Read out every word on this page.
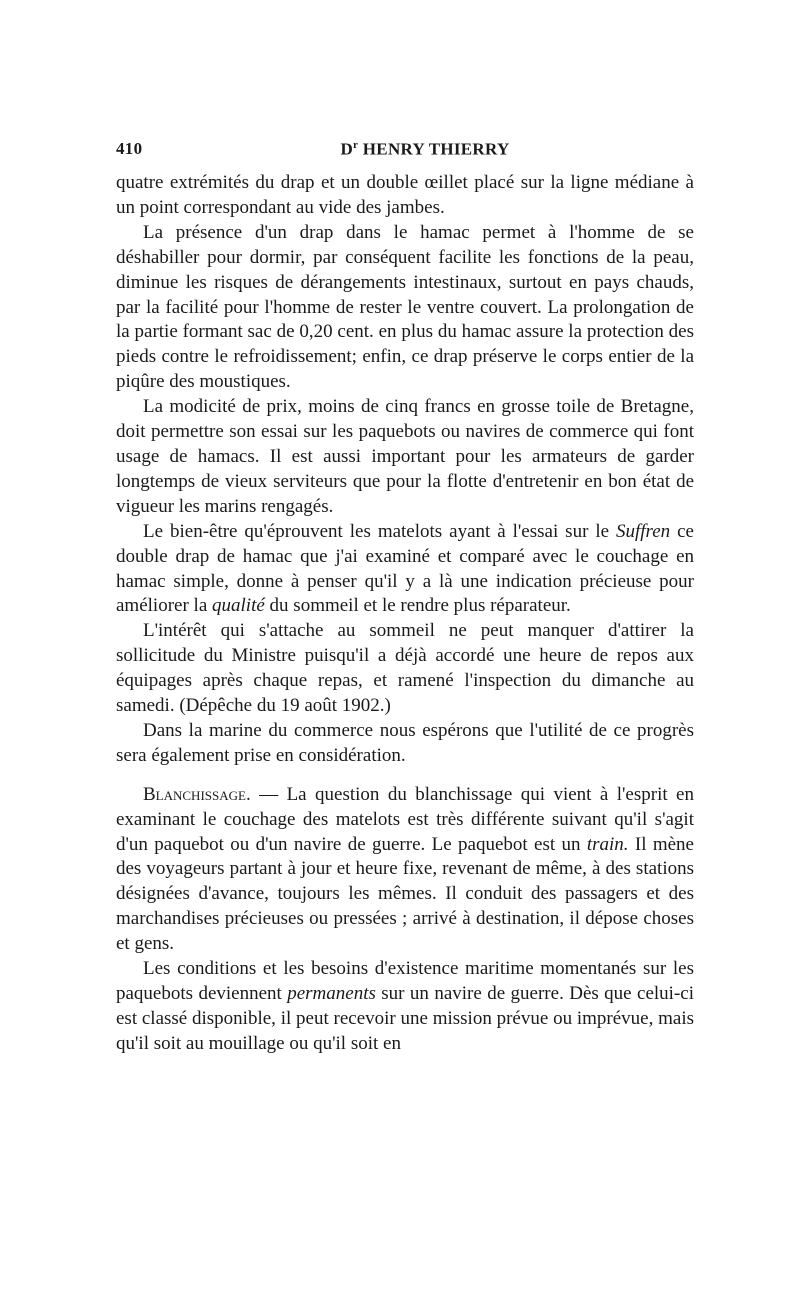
410	$D^r$ HENRY THIERRY

quatre extrémités du drap et un double œillet placé sur la ligne médiane à un point correspondant au vide des jambes.

La présence d'un drap dans le hamac permet à l'homme de se déshabiller pour dormir, par conséquent facilite les fonctions de la peau, diminue les risques de dérangements intestinaux, surtout en pays chauds, par la facilité pour l'homme de rester le ventre couvert. La prolongation de la partie formant sac de 0,20 cent. en plus du hamac assure la protection des pieds contre le refroidissement; enfin, ce drap préserve le corps entier de la piqûre des moustiques.

La modicité de prix, moins de cinq francs en grosse toile de Bretagne, doit permettre son essai sur les paquebots ou navires de commerce qui font usage de hamacs. Il est aussi important pour les armateurs de garder longtemps de vieux serviteurs que pour la flotte d'entretenir en bon état de vigueur les marins rengagés.

Le bien-être qu'éprouvent les matelots ayant à l'essai sur le Suffren ce double drap de hamac que j'ai examiné et comparé avec le couchage en hamac simple, donne à penser qu'il y a là une indication précieuse pour améliorer la qualité du sommeil et le rendre plus réparateur.

L'intérêt qui s'attache au sommeil ne peut manquer d'attirer la sollicitude du Ministre puisqu'il a déjà accordé une heure de repos aux équipages après chaque repas, et ramené l'inspection du dimanche au samedi. (Dépêche du 19 août 1902.)

Dans la marine du commerce nous espérons que l'utilité de ce progrès sera également prise en considération.

Blanchissage. — La question du blanchissage qui vient à l'esprit en examinant le couchage des matelots est très différente suivant qu'il s'agit d'un paquebot ou d'un navire de guerre. Le paquebot est un train. Il mène des voyageurs partant à jour et heure fixe, revenant de même, à des stations désignées d'avance, toujours les mêmes. Il conduit des passagers et des marchandises précieuses ou pressées ; arrivé à destination, il dépose choses et gens.

Les conditions et les besoins d'existence maritime momentanés sur les paquebots deviennent permanents sur un navire de guerre. Dès que celui-ci est classé disponible, il peut recevoir une mission prévue ou imprévue, mais qu'il soit au mouillage ou qu'il soit en
